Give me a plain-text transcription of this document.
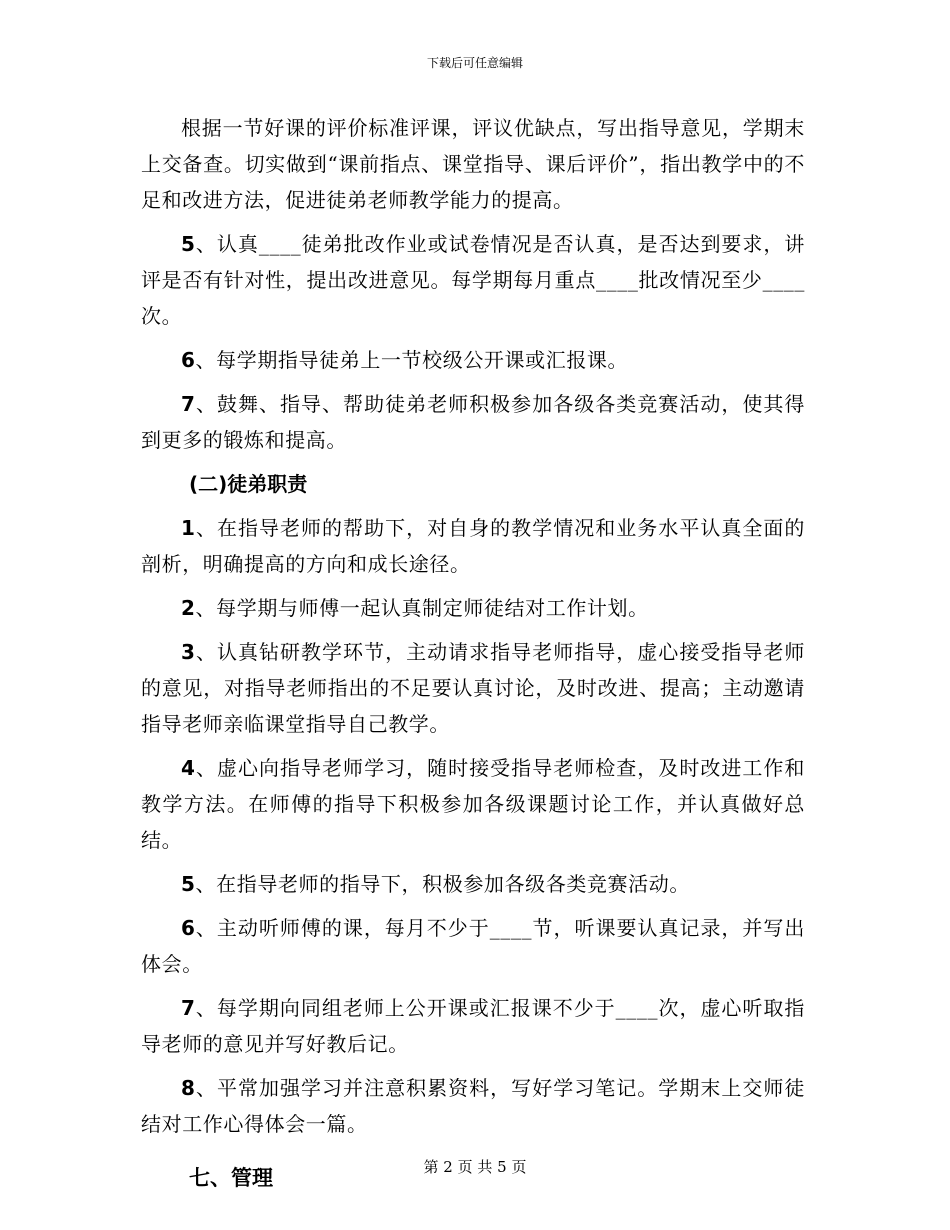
下载后可任意编辑

根据一节好课的评价标准评课，评议优缺点，写出指导意见，学期末上交备查。切实做到“课前指点、课堂指导、课后评价”，指出教学中的不足和改进方法，促进徒弟老师教学能力的提高。

5、认真____徒弟批改作业或试卷情况是否认真，是否达到要求，讲评是否有针对性，提出改进意见。每学期每月重点____批改情况至少____次。

6、每学期指导徒弟上一节校级公开课或汇报课。

7、鼓舞、指导、帮助徒弟老师积极参加各级各类竞赛活动，使其得到更多的锻炼和提高。

(二)徒弟职责

1、在指导老师的帮助下，对自身的教学情况和业务水平认真全面的剖析，明确提高的方向和成长途径。

2、每学期与师傅一起认真制定师徒结对工作计划。

3、认真钻研教学环节，主动请求指导老师指导，虚心接受指导老师的意见，对指导老师指出的不足要认真讨论，及时改进、提高；主动邀请指导老师亲临课堂指导自己教学。

4、虚心向指导老师学习，随时接受指导老师检查，及时改进工作和教学方法。在师傅的指导下积极参加各级课题讨论工作，并认真做好总结。

5、在指导老师的指导下，积极参加各级各类竞赛活动。

6、主动听师傅的课，每月不少于____节，听课要认真记录，并写出体会。

7、每学期向同组老师上公开课或汇报课不少于____次，虚心听取指导老师的意见并写好教后记。

8、平常加强学习并注意积累资料，写好学习笔记。学期末上交师徒结对工作心得体会一篇。

七、管理	第 2 页 共 5 页
